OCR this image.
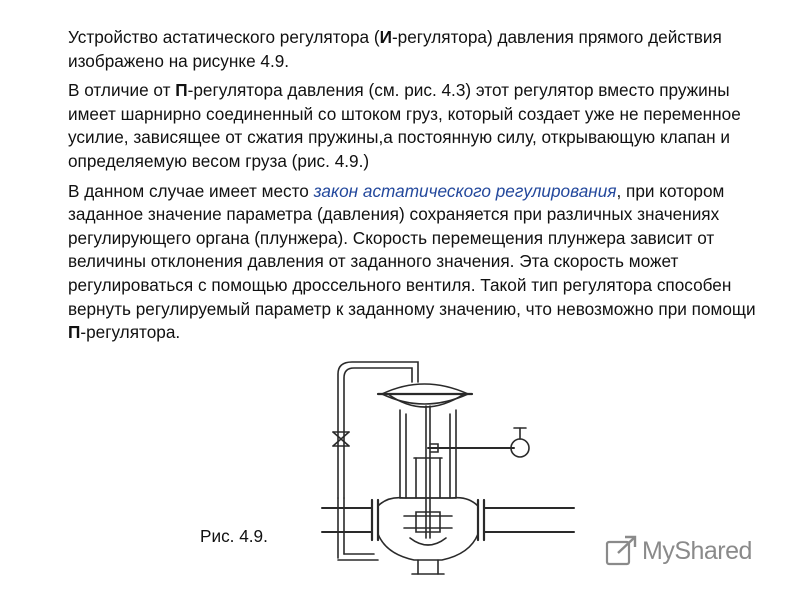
Устройство астатического регулятора (И-регулятора) давления прямого действия изображено на рисунке 4.9.

В отличие от П-регулятора давления (см. рис. 4.3) этот регулятор вместо пружины имеет шарнирно соединенный со штоком груз, который создает уже не переменное усилие, зависящее от сжатия пружины,а постоянную силу, открывающую клапан и определяемую весом груза (рис. 4.9.)

В данном случае имеет место закон астатического регулирования, при котором заданное значение параметра (давления) сохраняется при различных значениях регулирующего органа (плунжера). Скорость перемещения плунжера зависит от величины отклонения давления от заданного значения. Эта скорость может регулироваться с помощью дроссельного вентиля. Такой тип регулятора способен вернуть регулируемый параметр к заданному значению, что невозможно при помощи П-регулятора.

Рис. 4.9.
MyShared
